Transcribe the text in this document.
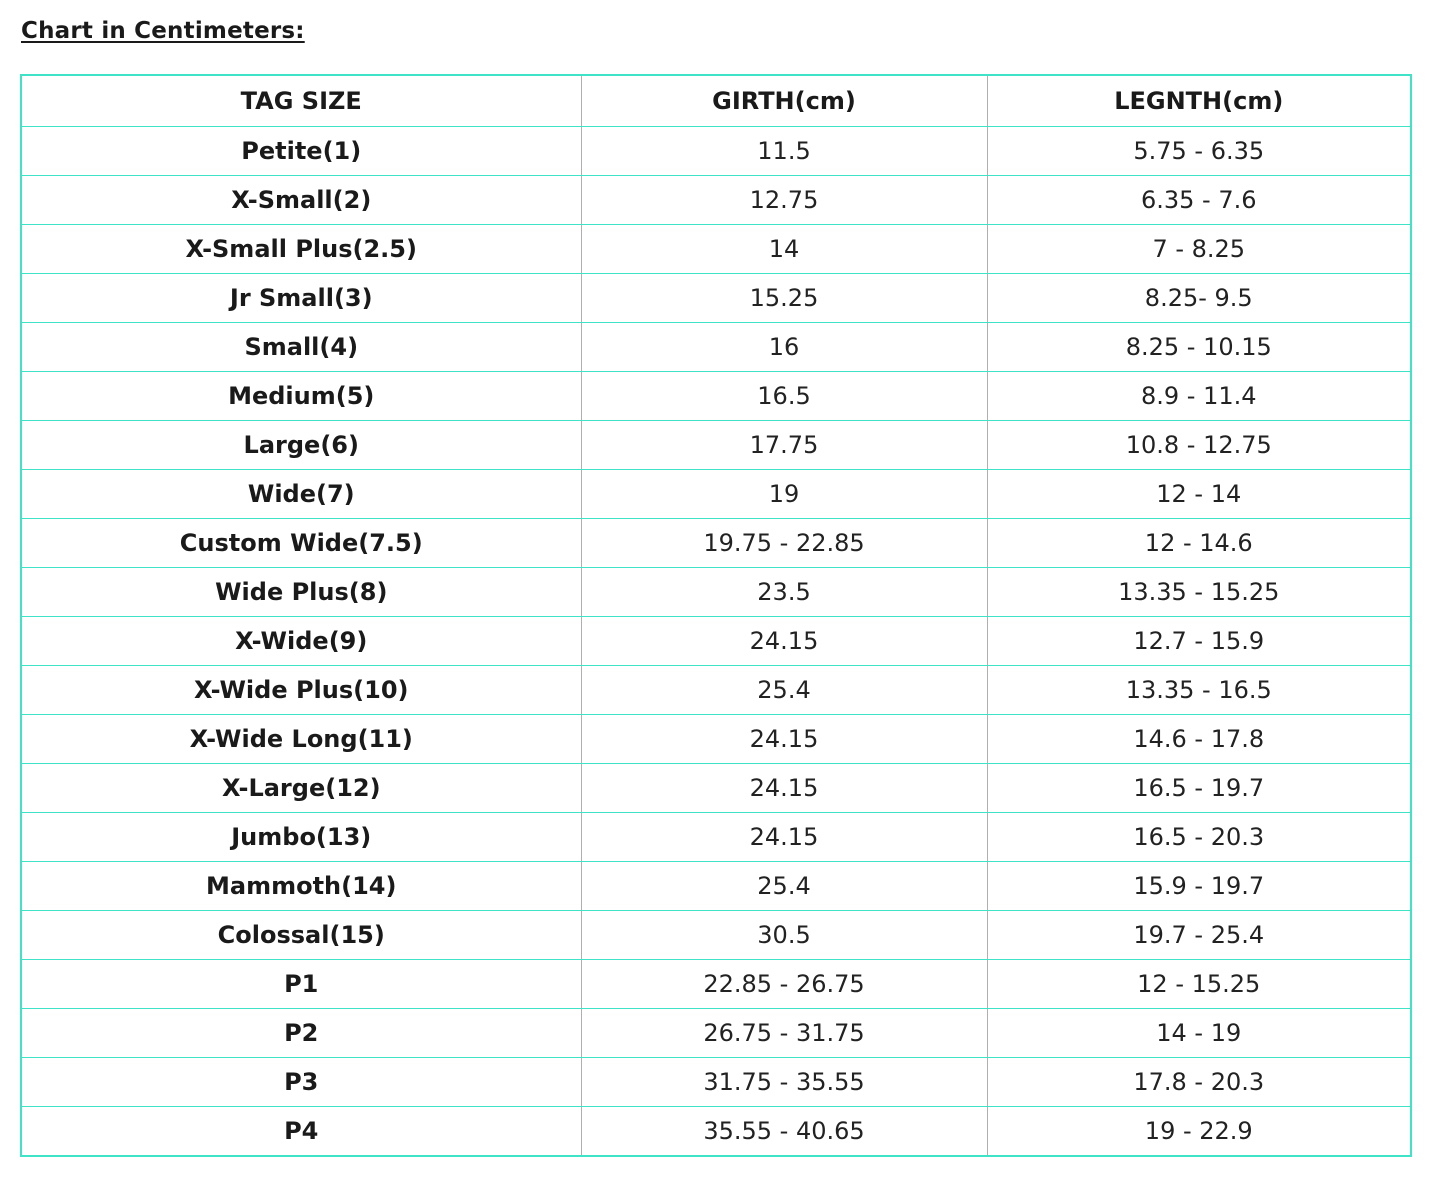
Chart in Centimeters:
TAG SIZE	GIRTH(cm)	LEGNTH(cm)
Petite(1)	11.5	5.75 - 6.35
X-Small(2)	12.75	6.35 - 7.6
X-Small Plus(2.5)	14	7 - 8.25
Jr Small(3)	15.25	8.25- 9.5
Small(4)	16	8.25 - 10.15
Medium(5)	16.5	8.9 - 11.4
Large(6)	17.75	10.8 - 12.75
Wide(7)	19	12 - 14
Custom Wide(7.5)	19.75 - 22.85	12 - 14.6
Wide Plus(8)	23.5	13.35 - 15.25
X-Wide(9)	24.15	12.7 - 15.9
X-Wide Plus(10)	25.4	13.35 - 16.5
X-Wide Long(11)	24.15	14.6 - 17.8
X-Large(12)	24.15	16.5 - 19.7
Jumbo(13)	24.15	16.5 - 20.3
Mammoth(14)	25.4	15.9 - 19.7
Colossal(15)	30.5	19.7 - 25.4
P1	22.85 - 26.75	12 - 15.25
P2	26.75 - 31.75	14 - 19
P3	31.75 - 35.55	17.8 - 20.3
P4	35.55 - 40.65	19 - 22.9
